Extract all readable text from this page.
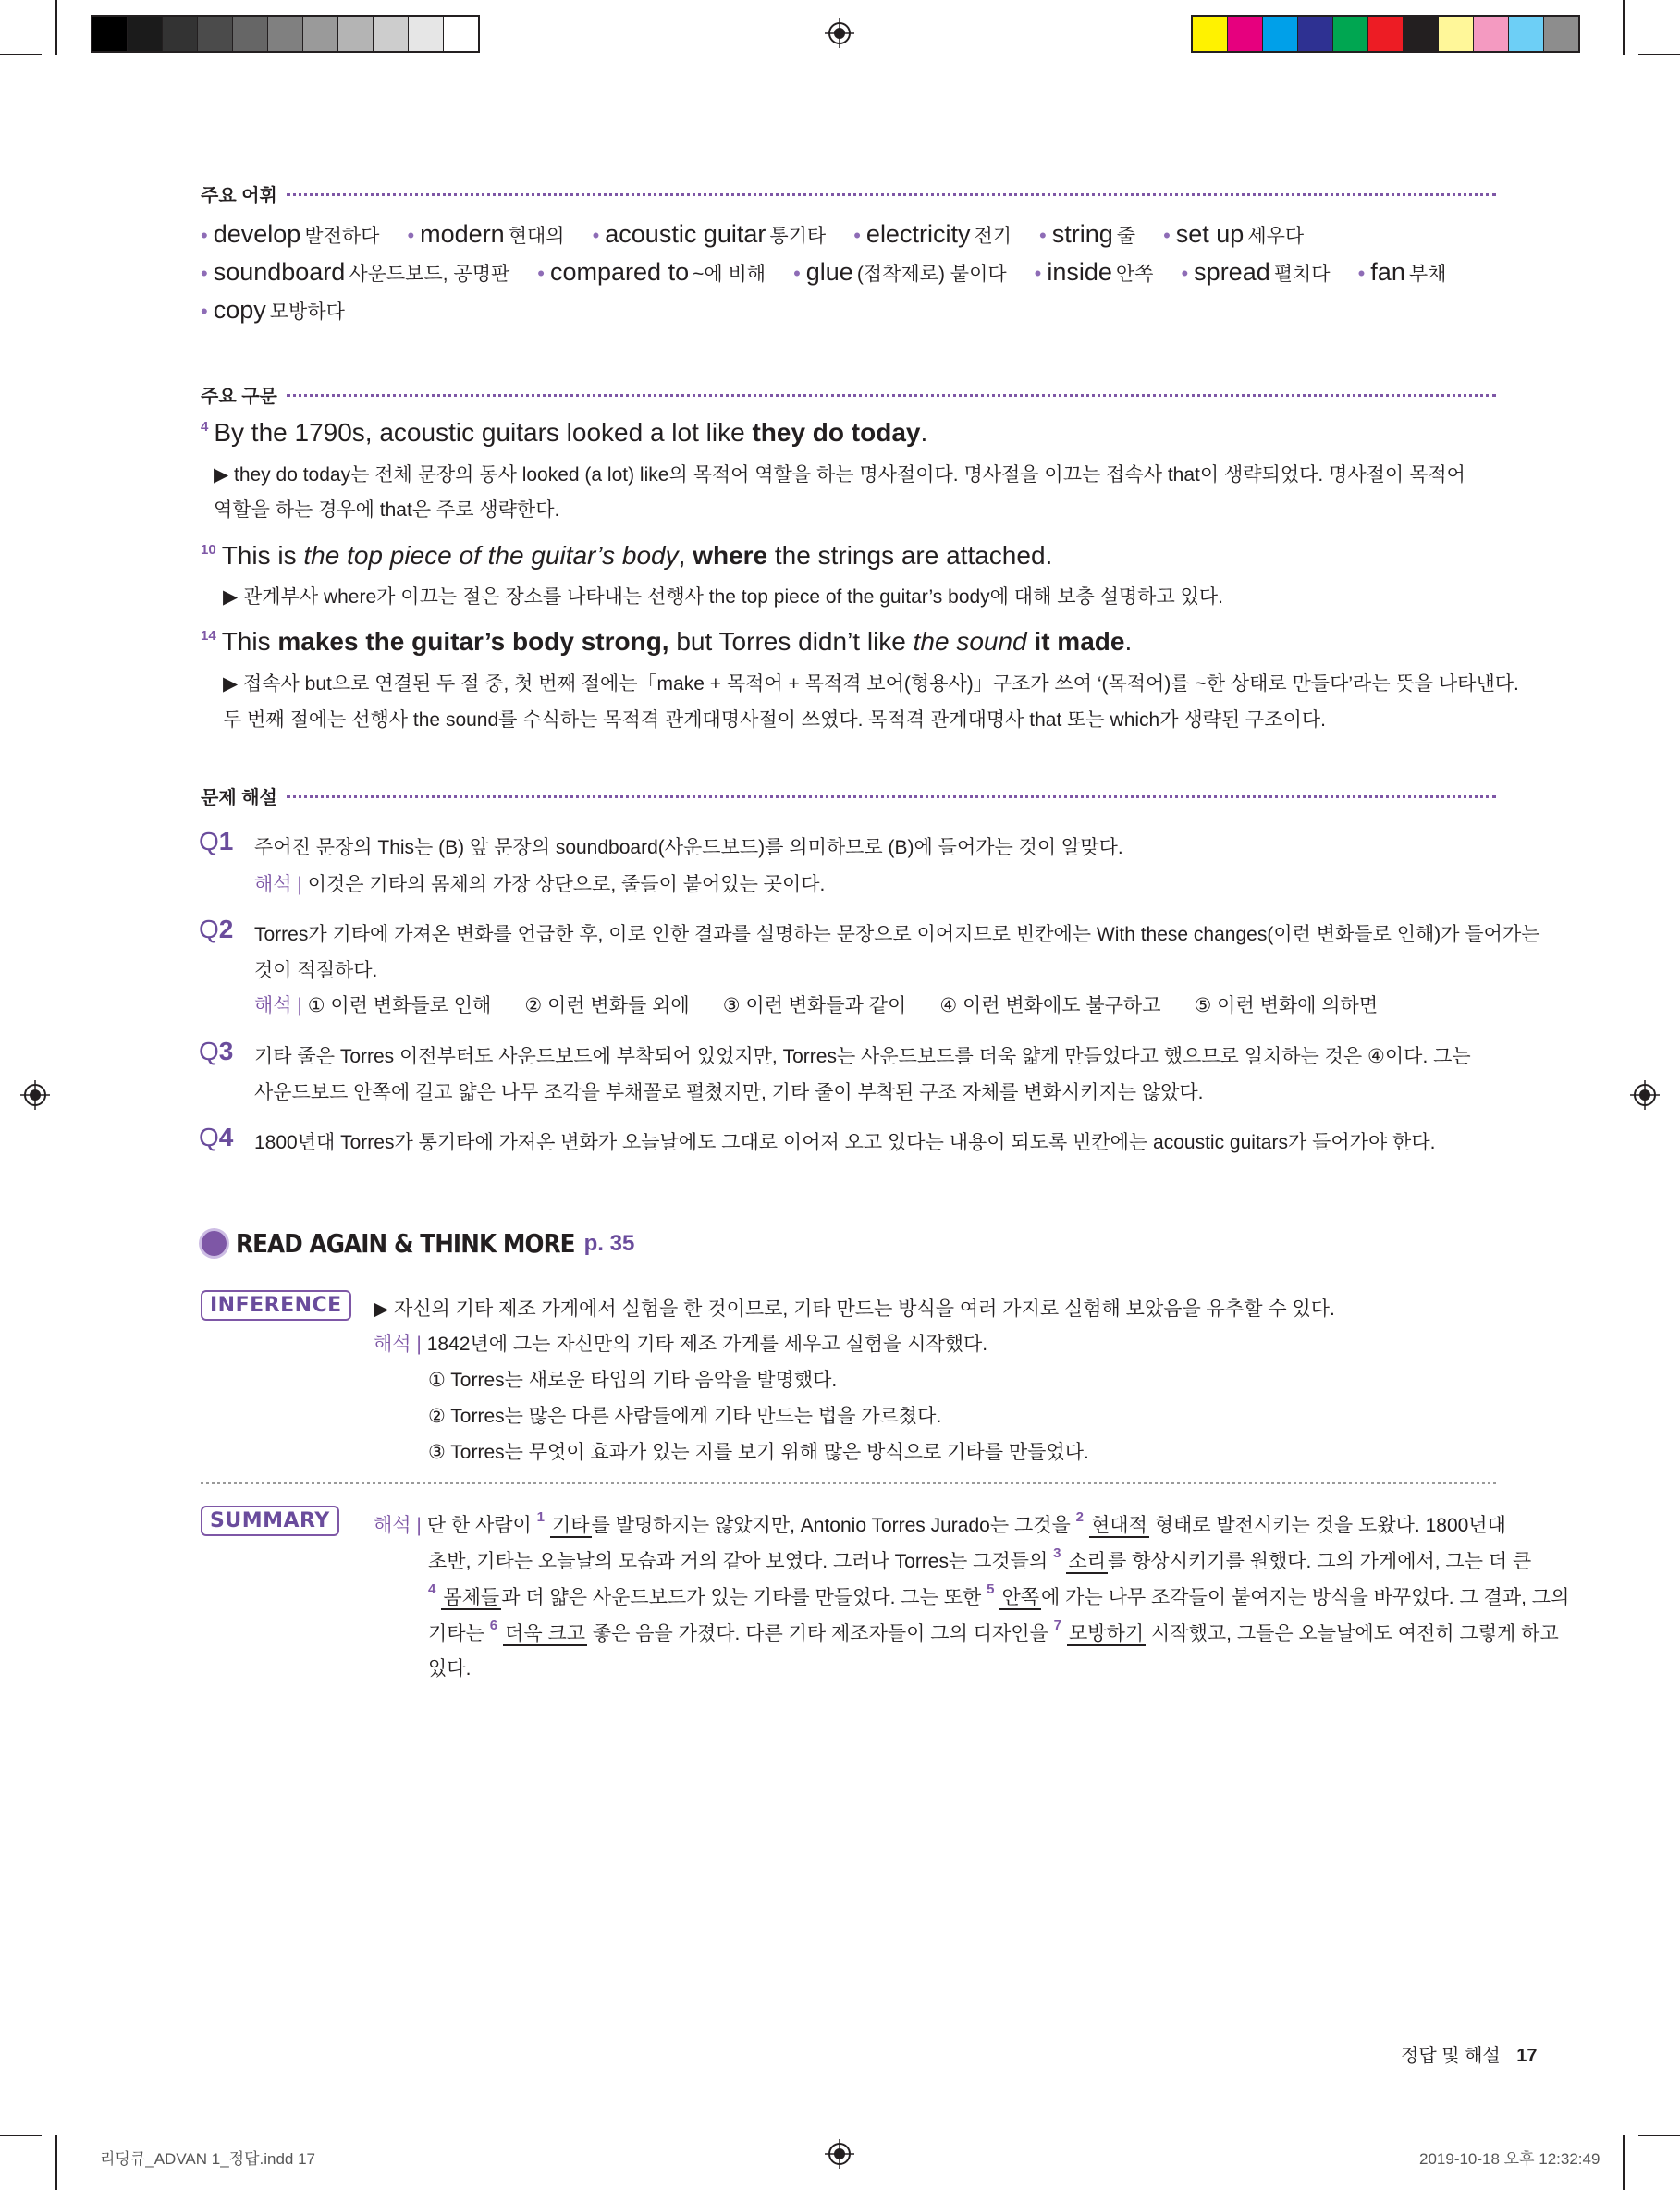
주요 어휘
• develop 발전하다 • modern 현대의 • acoustic guitar 통기타 • electricity 전기 • string 줄 • set up 세우다
• soundboard 사운드보드, 공명판 • compared to ~에 비해 • glue (접착제로) 붙이다 • inside 안쪽 • spread 펼치다 • fan 부채
• copy 모방하다
주요 구문
$^4$ By the 1790s, acoustic guitars looked a lot like they do today.
▶ they do today는 전체 문장의 동사 looked (a lot) like의 목적어 역할을 하는 명사절이다. 명사절을 이끄는 접속사 that이 생략되었다. 명사절이 목적어
역할을 하는 경우에 that은 주로 생략한다.
$^{10}$ This is the top piece of the guitar’s body, where the strings are attached.
▶ 관계부사 where가 이끄는 절은 장소를 나타내는 선행사 the top piece of the guitar’s body에 대해 보충 설명하고 있다.
$^{14}$ This makes the guitar’s body strong, but Torres didn’t like the sound it made.
▶ 접속사 but으로 연결된 두 절 중, 첫 번째 절에는「make + 목적어 + 목적격 보어(형용사)」구조가 쓰여 ‘(목적어)를 ~한 상태로 만들다’라는 뜻을 나타낸다.
두 번째 절에는 선행사 the sound를 수식하는 목적격 관계대명사절이 쓰였다. 목적격 관계대명사 that 또는 which가 생략된 구조이다.
문제 해설
Q1 주어진 문장의 This는 (B) 앞 문장의 soundboard(사운드보드)를 의미하므로 (B)에 들어가는 것이 알맞다.
해석 | 이것은 기타의 몸체의 가장 상단으로, 줄들이 붙어있는 곳이다.
Q2 Torres가 기타에 가져온 변화를 언급한 후, 이로 인한 결과를 설명하는 문장으로 이어지므로 빈칸에는 With these changes(이런 변화들로 인해)가 들어가는
것이 적절하다.
해석 | ① 이런 변화들로 인해 ② 이런 변화들 외에 ③ 이런 변화들과 같이 ④ 이런 변화에도 불구하고 ⑤ 이런 변화에 의하면
Q3 기타 줄은 Torres 이전부터도 사운드보드에 부착되어 있었지만, Torres는 사운드보드를 더욱 얇게 만들었다고 했으므로 일치하는 것은 ④이다. 그는
사운드보드 안쪽에 길고 얇은 나무 조각을 부채꼴로 펼쳤지만, 기타 줄이 부착된 구조 자체를 변화시키지는 않았다.
Q4 1800년대 Torres가 통기타에 가져온 변화가 오늘날에도 그대로 이어져 오고 있다는 내용이 되도록 빈칸에는 acoustic guitars가 들어가야 한다.
READ AGAIN & THINK MORE p. 35
INFERENCE	▶ 자신의 기타 제조 가게에서 실험을 한 것이므로, 기타 만드는 방식을 여러 가지로 실험해 보았음을 유추할 수 있다.
해석 | 1842년에 그는 자신만의 기타 제조 가게를 세우고 실험을 시작했다.
① Torres는 새로운 타입의 기타 음악을 발명했다.
② Torres는 많은 다른 사람들에게 기타 만드는 법을 가르쳤다.
③ Torres는 무엇이 효과가 있는 지를 보기 위해 많은 방식으로 기타를 만들었다.
SUMMARY	해석 | 단 한 사람이 $^1$ 기타를 발명하지는 않았지만, Antonio Torres Jurado는 그것을 $^2$ 현대적 형태로 발전시키는 것을 도왔다. 1800년대
초반, 기타는 오늘날의 모습과 거의 같아 보였다. 그러나 Torres는 그것들의 $^3$ 소리를 향상시키기를 원했다. 그의 가게에서, 그는 더 큰
$^4$ 몸체들과 더 얇은 사운드보드가 있는 기타를 만들었다. 그는 또한 $^5$ 안쪽에 가는 나무 조각들이 붙여지는 방식을 바꾸었다. 그 결과, 그의
기타는 $^6$ 더욱 크고 좋은 음을 가졌다. 다른 기타 제조자들이 그의 디자인을 $^7$ 모방하기 시작했고, 그들은 오늘날에도 여전히 그렇게 하고
있다.
정답 및 해설 17
리딩큐_ADVAN 1_정답.indd 17	2019-10-18 오후 12:32:49
